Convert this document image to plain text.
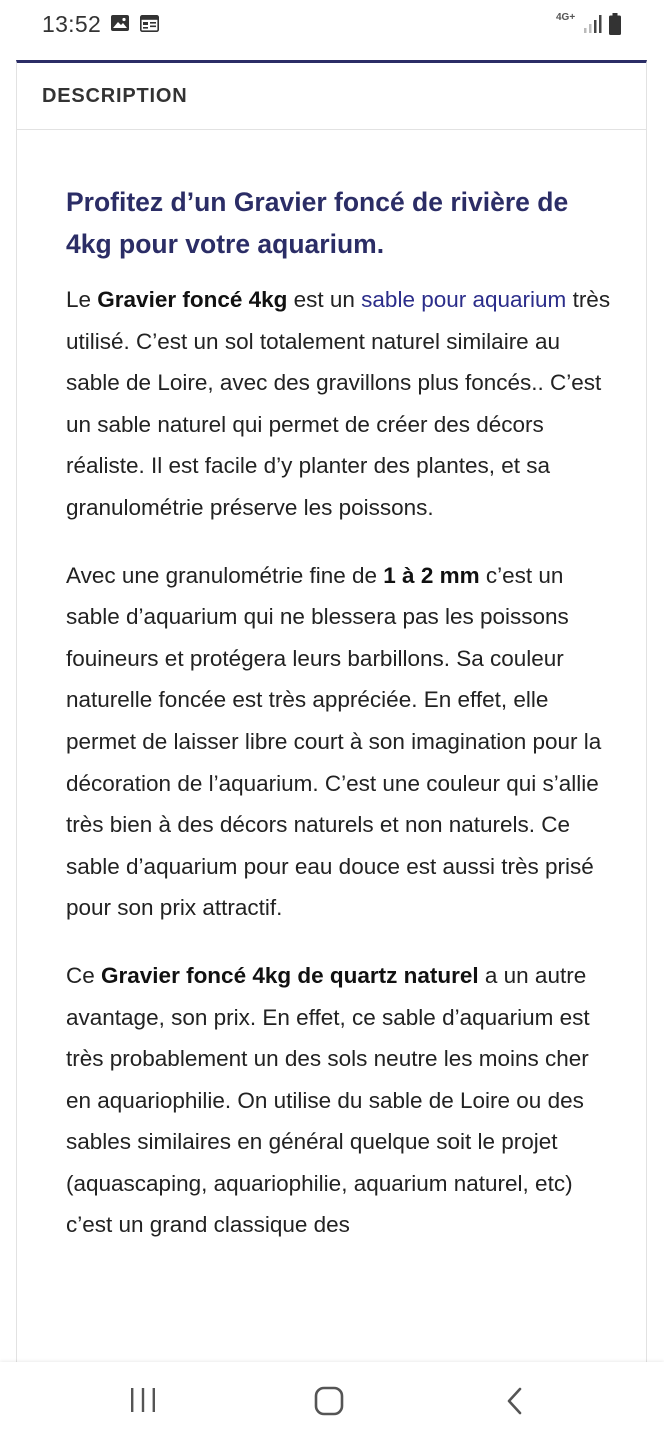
13:52	4G+
DESCRIPTION
Profitez d’un Gravier foncé de rivière de 4kg pour votre aquarium.

Le Gravier foncé 4kg est un sable pour aquarium très utilisé. C’est un sol totalement naturel similaire au sable de Loire, avec des gravillons plus foncés.. C’est un sable naturel qui permet de créer des décors réaliste. Il est facile d’y planter des plantes, et sa granulométrie préserve les poissons.

Avec une granulométrie fine de 1 à 2 mm c’est un sable d’aquarium qui ne blessera pas les poissons fouineurs et protégera leurs barbillons. Sa couleur naturelle foncée est très appréciée. En effet, elle permet de laisser libre court à son imagination pour la décoration de l’aquarium. C’est une couleur qui s’allie très bien à des décors naturels et non naturels. Ce sable d’aquarium pour eau douce est aussi très prisé pour son prix attractif.

Ce Gravier foncé 4kg de quartz naturel a un autre avantage, son prix. En effet, ce sable d’aquarium est très probablement un des sols neutre les moins cher en aquariophilie. On utilise du sable de Loire ou des sables similaires en général quelque soit le projet (aquascaping, aquariophilie, aquarium naturel, etc) c’est un grand classique des
